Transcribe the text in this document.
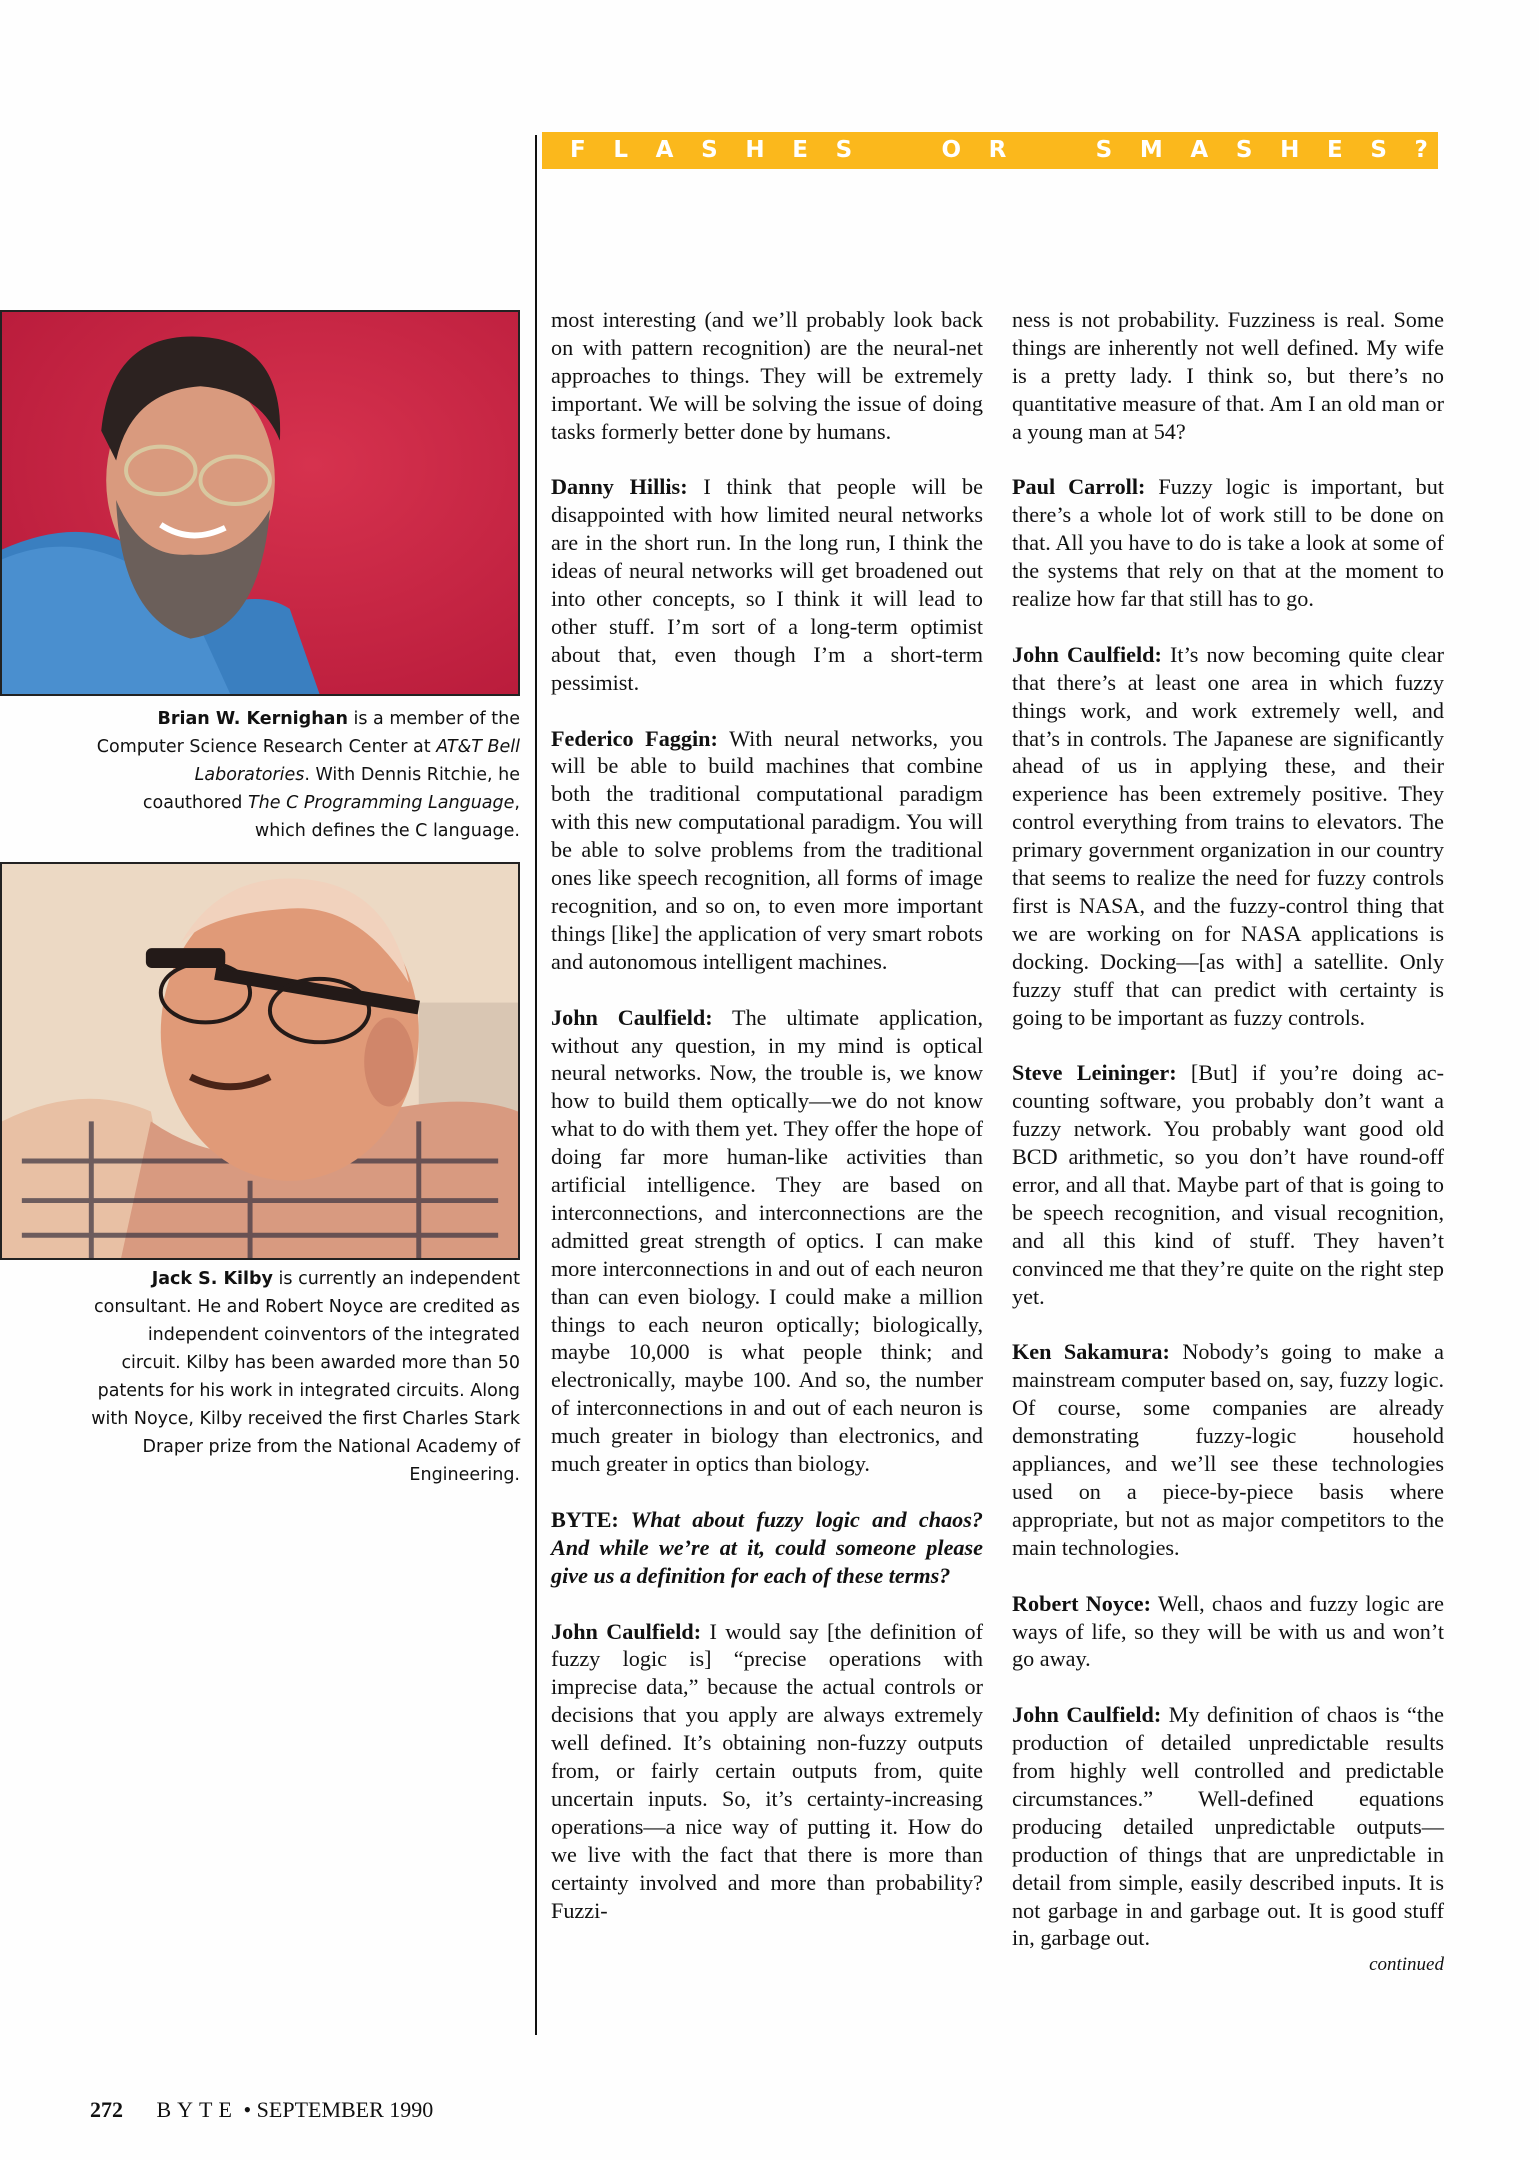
F L A S H E S	O R	S M A S H E S ?
Brian W. Kernighan is a member of the Computer Science Research Center at AT&T Bell Laboratories. With Dennis Ritchie, he coauthored The C Programming Language, which defines the C language.
Jack S. Kilby is currently an independent consultant. He and Robert Noyce are credited as independent coinventors of the integrated circuit. Kilby has been awarded more than 50 patents for his work in integrated circuits. Along with Noyce, Kilby received the first Charles Stark Draper prize from the National Academy of Engineering.

most interesting (and we’ll probably look back on with pattern recognition) are the neural-net approaches to things. They will be extremely important. We will be solving the issue of doing tasks formerly better done by humans.

Danny Hillis: I think that people will be disappointed with how limited neural networks are in the short run. In the long run, I think the ideas of neural networks will get broadened out into other concepts, so I think it will lead to other stuff. I’m sort of a long-term optimist about that, even though I’m a short-term pessimist.

Federico Faggin: With neural networks, you will be able to build machines that combine both the traditional computational paradigm with this new computational paradigm. You will be able to solve problems from the traditional ones like speech recognition, all forms of image recognition, and so on, to even more important things [like] the application of very smart robots and autonomous intelligent machines.

John Caulfield: The ultimate application, without any question, in my mind is optical neural networks. Now, the trouble is, we know how to build them optically—we do not know what to do with them yet. They offer the hope of doing far more human-like activities than artificial intelligence. They are based on interconnections, and interconnections are the admitted great strength of optics. I can make more interconnections in and out of each neuron than can even biology. I could make a million things to each neuron optically; biologically, maybe 10,000 is what people think; and electronically, maybe 100. And so, the number of interconnections in and out of each neuron is much greater in biology than electronics, and much greater in optics than biology.

BYTE: What about fuzzy logic and chaos? And while we’re at it, could someone please give us a definition for each of these terms?

John Caulfield: I would say [the definition of fuzzy logic is] “precise operations with imprecise data,” because the actual controls or decisions that you apply are always extremely well defined. It’s obtaining non-fuzzy outputs from, or fairly certain outputs from, quite uncertain inputs. So, it’s certainty-increasing operations—a nice way of putting it. How do we live with the fact that there is more than certainty involved and more than probability? Fuzzi-

ness is not probability. Fuzziness is real. Some things are inherently not well defined. My wife is a pretty lady. I think so, but there’s no quantitative measure of that. Am I an old man or a young man at 54?

Paul Carroll: Fuzzy logic is important, but there’s a whole lot of work still to be done on that. All you have to do is take a look at some of the systems that rely on that at the moment to realize how far that still has to go.

John Caulfield: It’s now becoming quite clear that there’s at least one area in which fuzzy things work, and work extremely well, and that’s in controls. The Japanese are significantly ahead of us in applying these, and their experience has been extremely positive. They control everything from trains to elevators. The primary government organization in our country that seems to realize the need for fuzzy controls first is NASA, and the fuzzy-control thing that we are working on for NASA applications is docking. Docking—[as with] a satellite. Only fuzzy stuff that can predict with certainty is going to be important as fuzzy controls.

Steve Leininger: [But] if you’re doing accounting software, you probably don’t want a fuzzy network. You probably want good old BCD arithmetic, so you don’t have round-off error, and all that. Maybe part of that is going to be speech recognition, and visual recognition, and all this kind of stuff. They haven’t convinced me that they’re quite on the right step yet.

Ken Sakamura: Nobody’s going to make a mainstream computer based on, say, fuzzy logic. Of course, some companies are already demonstrating fuzzy-logic household appliances, and we’ll see these technologies used on a piece-by-piece basis where appropriate, but not as major competitors to the main technologies.

Robert Noyce: Well, chaos and fuzzy logic are ways of life, so they will be with us and won’t go away.

John Caulfield: My definition of chaos is “the production of detailed unpredictable results from highly well controlled and predictable circumstances.” Well-defined equations producing detailed unpredictable outputs—production of things that are unpredictable in detail from simple, easily described inputs. It is not garbage in and garbage out. It is good stuff in, garbage out.

continued
272 BYTE • SEPTEMBER 1990
